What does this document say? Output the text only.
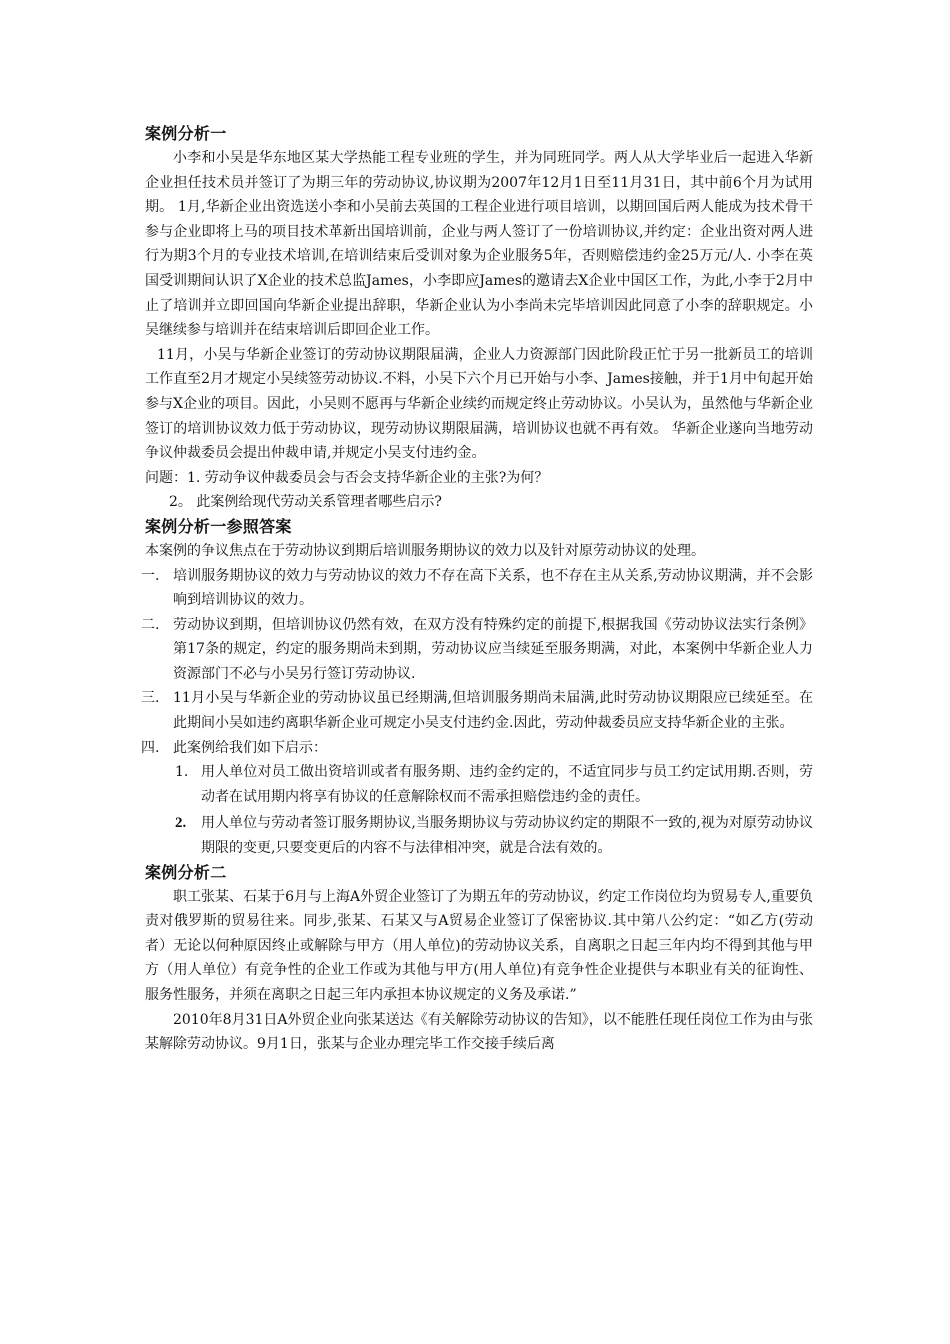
案例分析一

小李和小吴是华东地区某大学热能工程专业班的学生，并为同班同学。两人从大学毕业后一起进入华新企业担任技术员并签订了为期三年的劳动协议,协议期为2007年12月1日至11月31日，其中前6个月为试用期。 1月,华新企业出资选送小李和小吴前去英国的工程企业进行项目培训，以期回国后两人能成为技术骨干参与企业即将上马的项目技术革新出国培训前，企业与两人签订了一份培训协议,并约定：企业出资对两人进行为期3个月的专业技术培训,在培训结束后受训对象为企业服务5年，否则赔偿违约金25万元/人. 小李在英国受训期间认识了X企业的技术总监James，小李即应James的邀请去X企业中国区工作，为此,小李于2月中止了培训并立即回国向华新企业提出辞职，华新企业认为小李尚未完毕培训因此同意了小李的辞职规定。小吴继续参与培训并在结束培训后即回企业工作。

11月，小吴与华新企业签订的劳动协议期限届满，企业人力资源部门因此阶段正忙于另一批新员工的培训工作直至2月才规定小吴续签劳动协议.不料，小吴下六个月已开始与小李、James接触，并于1月中旬起开始参与X企业的项目。因此，小吴则不愿再与华新企业续约而规定终止劳动协议。小吴认为，虽然他与华新企业签订的培训协议效力低于劳动协议，现劳动协议期限届满，培训协议也就不再有效。 华新企业遂向当地劳动争议仲裁委员会提出仲裁申请,并规定小吴支付违约金。

问题：1. 劳动争议仲裁委员会与否会支持华新企业的主张?为何？

2。 此案例给现代劳动关系管理者哪些启示?

案例分析一参照答案

本案例的争议焦点在于劳动协议到期后培训服务期协议的效力以及针对原劳动协议的处理。

一. 培训服务期协议的效力与劳动协议的效力不存在高下关系，也不存在主从关系,劳动协议期满，并不会影响到培训协议的效力。

二. 劳动协议到期，但培训协议仍然有效，在双方没有特殊约定的前提下,根据我国《劳动协议法实行条例》第17条的规定，约定的服务期尚未到期，劳动协议应当续延至服务期满，对此，本案例中华新企业人力资源部门不必与小吴另行签订劳动协议.

三. 11月小吴与华新企业的劳动协议虽已经期满,但培训服务期尚未届满,此时劳动协议期限应已续延至。在此期间小吴如违约离职华新企业可规定小吴支付违约金.因此，劳动仲裁委员应支持华新企业的主张。

四. 此案例给我们如下启示：

1. 用人单位对员工做出资培训或者有服务期、违约金约定的，不适宜同步与员工约定试用期.否则，劳动者在试用期内将享有协议的任意解除权而不需承担赔偿违约金的责任。

2. 用人单位与劳动者签订服务期协议,当服务期协议与劳动协议约定的期限不一致的,视为对原劳动协议期限的变更,只要变更后的内容不与法律相冲突，就是合法有效的。

案例分析二

职工张某、石某于6月与上海A外贸企业签订了为期五年的劳动协议，约定工作岗位均为贸易专人,重要负责对俄罗斯的贸易往来。同步,张某、石某又与A贸易企业签订了保密协议.其中第八公约定：“如乙方(劳动者）无论以何种原因终止或解除与甲方（用人单位)的劳动协议关系，自离职之日起三年内均不得到其他与甲方（用人单位）有竞争性的企业工作或为其他与甲方(用人单位)有竞争性企业提供与本职业有关的征询性、服务性服务，并须在离职之日起三年内承担本协议规定的义务及承诺.”

2010年8月31日A外贸企业向张某送达《有关解除劳动协议的告知》，以不能胜任现任岗位工作为由与张某解除劳动协议。9月1日，张某与企业办理完毕工作交接手续后离
